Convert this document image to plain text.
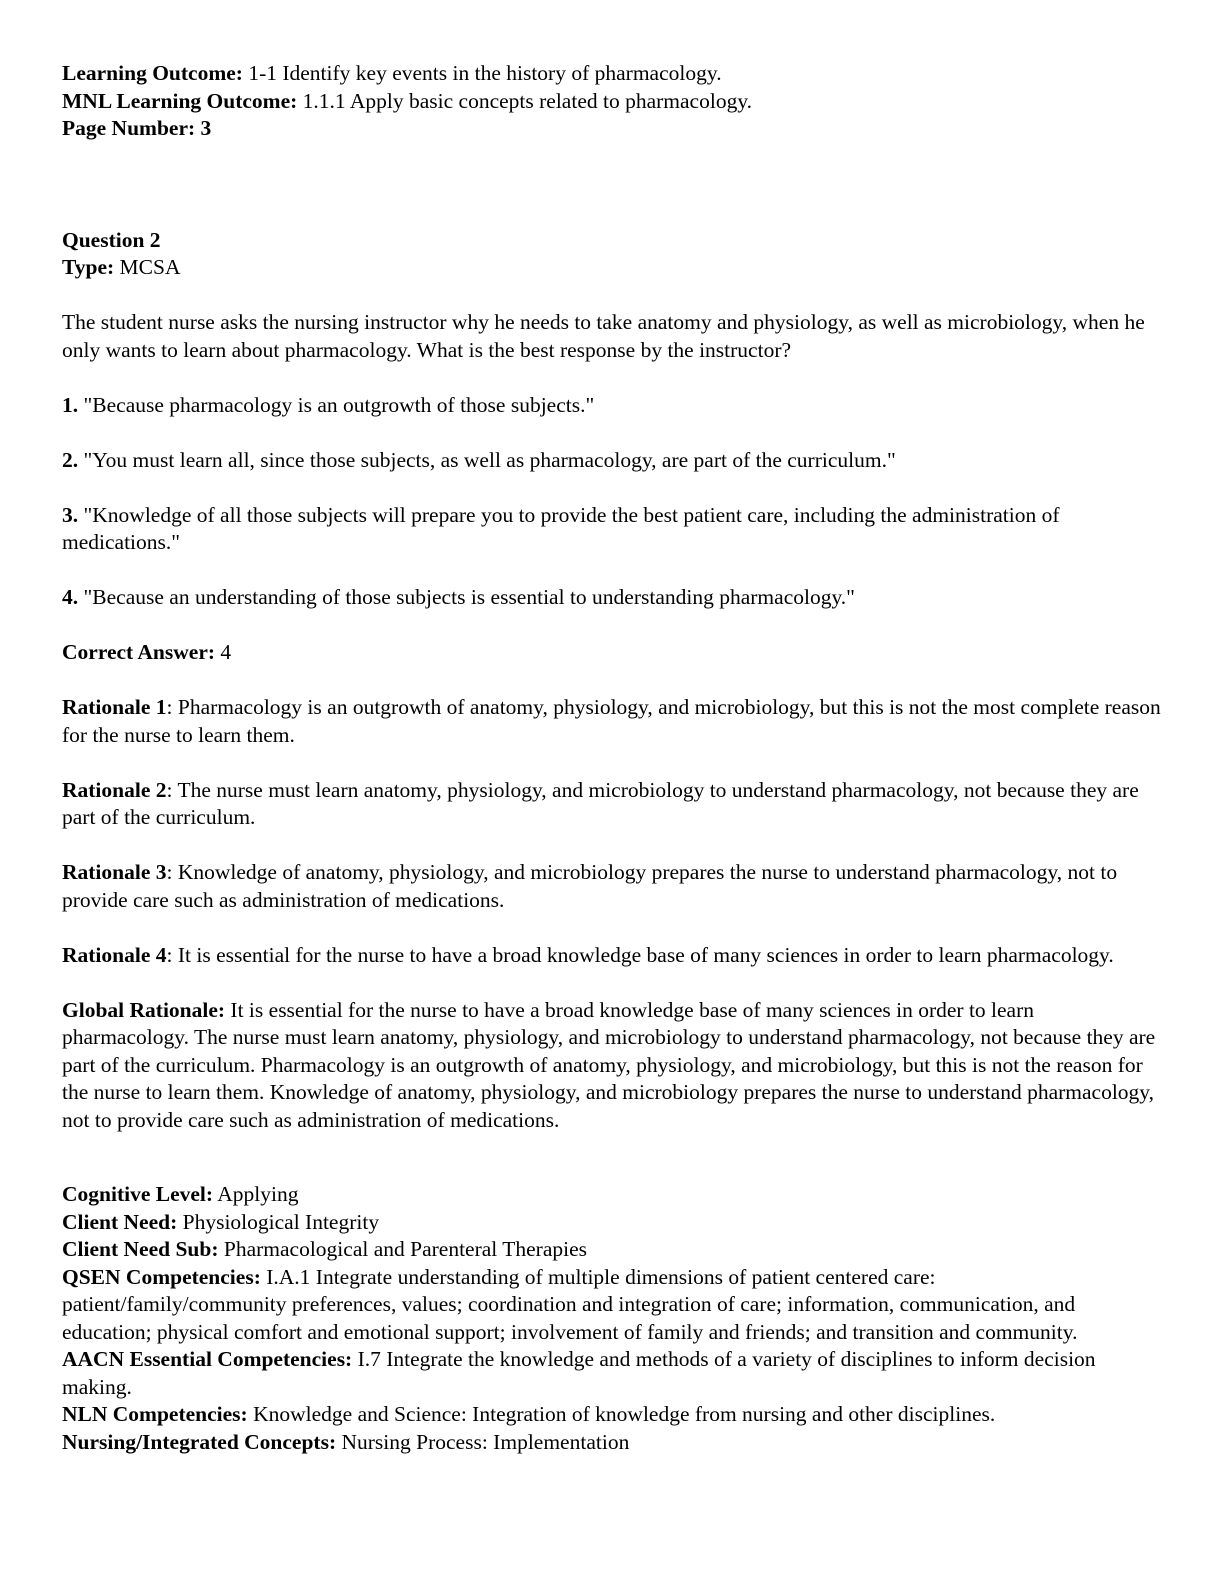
Learning Outcome: 1-1 Identify key events in the history of pharmacology.

MNL Learning Outcome: 1.1.1 Apply basic concepts related to pharmacology.

Page Number: 3

Question 2

Type: MCSA

The student nurse asks the nursing instructor why he needs to take anatomy and physiology, as well as microbiology, when he only wants to learn about pharmacology. What is the best response by the instructor?

1. "Because pharmacology is an outgrowth of those subjects."

2. "You must learn all, since those subjects, as well as pharmacology, are part of the curriculum."

3. "Knowledge of all those subjects will prepare you to provide the best patient care, including the administration of medications."

4. "Because an understanding of those subjects is essential to understanding pharmacology."

Correct Answer: 4

Rationale 1: Pharmacology is an outgrowth of anatomy, physiology, and microbiology, but this is not the most complete reason for the nurse to learn them.

Rationale 2: The nurse must learn anatomy, physiology, and microbiology to understand pharmacology, not because they are part of the curriculum.

Rationale 3: Knowledge of anatomy, physiology, and microbiology prepares the nurse to understand pharmacology, not to provide care such as administration of medications.

Rationale 4: It is essential for the nurse to have a broad knowledge base of many sciences in order to learn pharmacology.

Global Rationale: It is essential for the nurse to have a broad knowledge base of many sciences in order to learn pharmacology. The nurse must learn anatomy, physiology, and microbiology to understand pharmacology, not because they are part of the curriculum. Pharmacology is an outgrowth of anatomy, physiology, and microbiology, but this is not the reason for the nurse to learn them. Knowledge of anatomy, physiology, and microbiology prepares the nurse to understand pharmacology, not to provide care such as administration of medications.

Cognitive Level: Applying

Client Need: Physiological Integrity

Client Need Sub: Pharmacological and Parenteral Therapies

QSEN Competencies: I.A.1 Integrate understanding of multiple dimensions of patient centered care: patient/family/community preferences, values; coordination and integration of care; information, communication, and education; physical comfort and emotional support; involvement of family and friends; and transition and community.

AACN Essential Competencies: I.7 Integrate the knowledge and methods of a variety of disciplines to inform decision making.

NLN Competencies: Knowledge and Science: Integration of knowledge from nursing and other disciplines.

Nursing/Integrated Concepts: Nursing Process: Implementation
